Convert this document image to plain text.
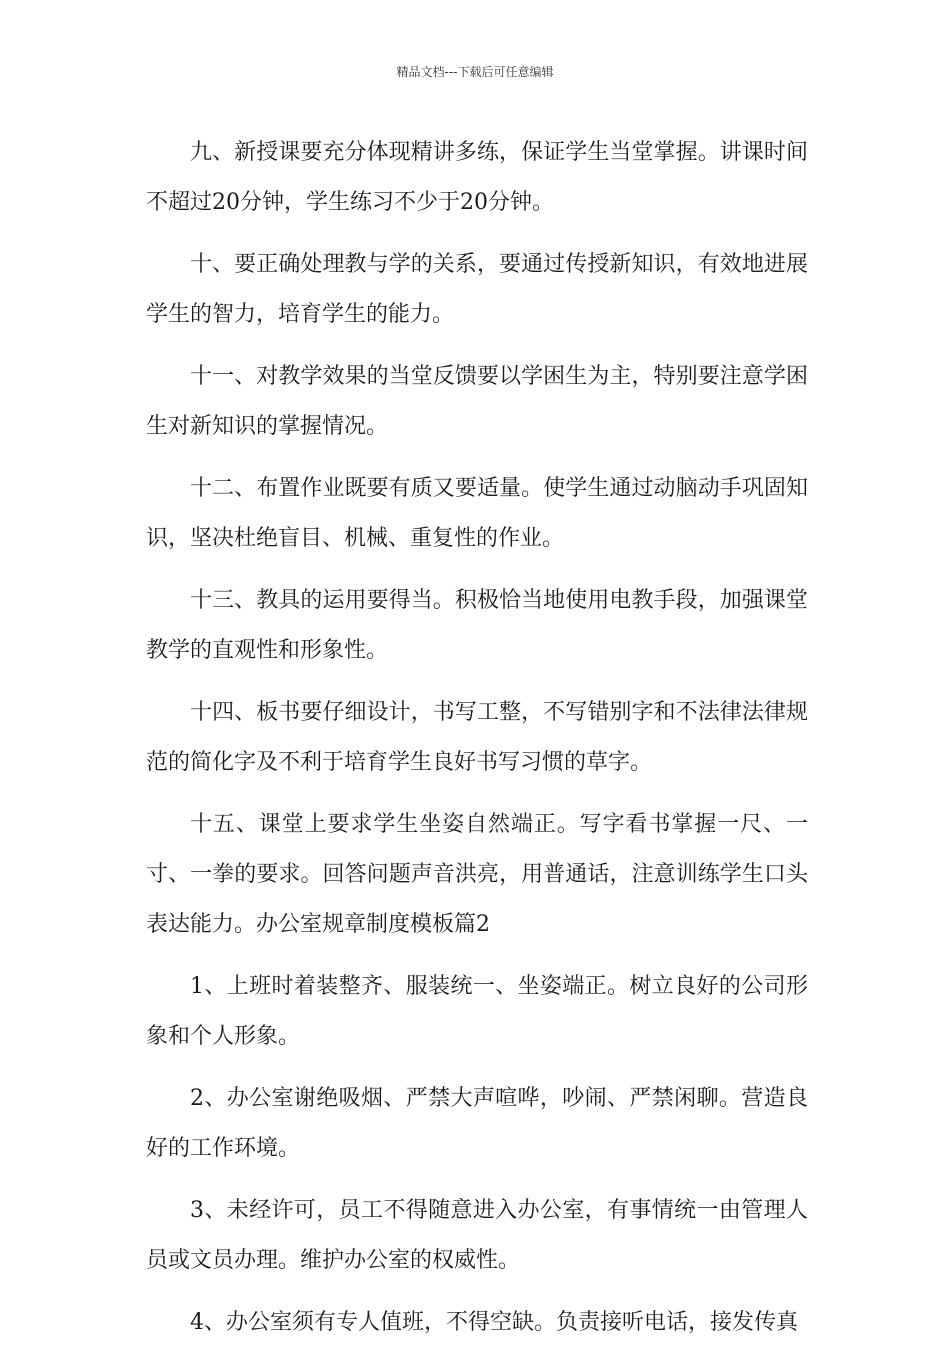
精品文档---下载后可任意编辑

九、新授课要充分体现精讲多练，保证学生当堂掌握。讲课时间不超过20分钟，学生练习不少于20分钟。

十、要正确处理教与学的关系，要通过传授新知识，有效地进展学生的智力，培育学生的能力。

十一、对教学效果的当堂反馈要以学困生为主，特别要注意学困生对新知识的掌握情况。

十二、布置作业既要有质又要适量。使学生通过动脑动手巩固知识，坚决杜绝盲目、机械、重复性的作业。

十三、教具的运用要得当。积极恰当地使用电教手段，加强课堂教学的直观性和形象性。

十四、板书要仔细设计，书写工整，不写错别字和不法律法律规范的简化字及不利于培育学生良好书写习惯的草字。

十五、课堂上要求学生坐姿自然端正。写字看书掌握一尺、一寸、一拳的要求。回答问题声音洪亮，用普通话，注意训练学生口头表达能力。办公室规章制度模板篇2

1、上班时着装整齐、服装统一、坐姿端正。树立良好的公司形象和个人形象。

2、办公室谢绝吸烟、严禁大声喧哗，吵闹、严禁闲聊。营造良好的工作环境。

3、未经许可，员工不得随意进入办公室，有事情统一由管理人员或文员办理。维护办公室的权威性。

4、办公室须有专人值班，不得空缺。负责接听电话，接发传真
